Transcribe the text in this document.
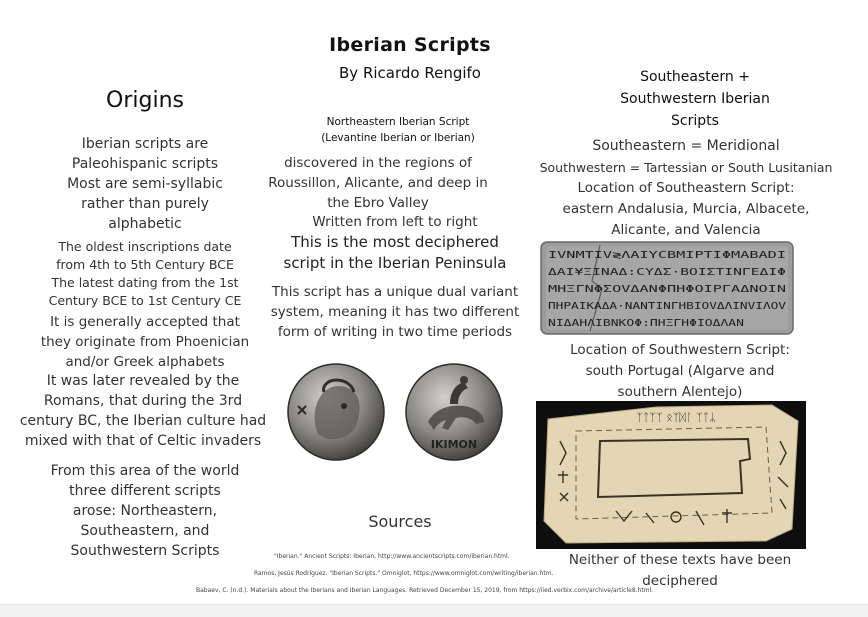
Iberian Scripts
By Ricardo Rengifo
Origins
Iberian scripts are
Paleohispanic scripts
Most are semi-syllabic
rather than purely
alphabetic
The oldest inscriptions date
from 4th to 5th Century BCE
The latest dating from the 1st
Century BCE to 1st Century CE
It is generally accepted that
they originate from Phoenician
and/or Greek alphabets
It was later revealed by the
Romans, that during the 3rd
century BC, the Iberian culture had
mixed with that of Celtic invaders
From this area of the world
three different scripts
arose: Northeastern,
Southeastern, and
Southwestern Scripts
Northeastern Iberian Script
(Levantine Iberian or Iberian)
discovered in the regions of
Roussillon, Alicante, and deep in
the Ebro Valley
Written from left to right
This is the most deciphered
script in the Iberian Peninsula
This script has a unique dual variant
system, meaning it has two different
form of writing in two time periods
IKIMON
Sources
"Iberian." Ancient Scripts: Iberian, http://www.ancientscripts.com/iberian.html.
Ramos, Jesús Rodríguez. "Iberian Scripts." Omniglot, https://www.omniglot.com/writing/iberian.htm.
Babaev, C. (n.d.). Materials about the Iberians and Iberian Languages. Retrieved December 15, 2019, from https://iied.verbix.com/archive/article8.html.
Southeastern +
Southwestern Iberian
Scripts
Southeastern = Meridional
Southwestern = Tartessian or South Lusitanian
Location of Southeastern Script:
eastern Andalusia, Murcia, Albacete,
Alicante, and Valencia
IVNMTIV≷ΛAIYCBMIPTIΦMABADI
ΔAI¥ΞINAΔ:CYΔΣ·ΒΟΙΣΤΙΝΓΕΔΙΦ
MHΞΓNΦΣΟVΔANΦΠΗΦΟΙΡΓΑΔΝΟΙΝ
ΠΗΡΑΙΚΑΔΑ·ΝΑΝΤΙΝΓΗΒΙΟVΔΛΙΝVΙΛΟV
ΝΙΔΑΗΛΙΒΝΚΟΦ:ΠΗΞΓΗΦΙΟΔΛΑΝ
Location of Southwestern Script:
south Portugal (Algarve and
southern Alentejo)
ᛉᛏᛉᛉ ᛟᛉᛞᛚ ᛉᛏᛦ
Neither of these texts have been
deciphered
